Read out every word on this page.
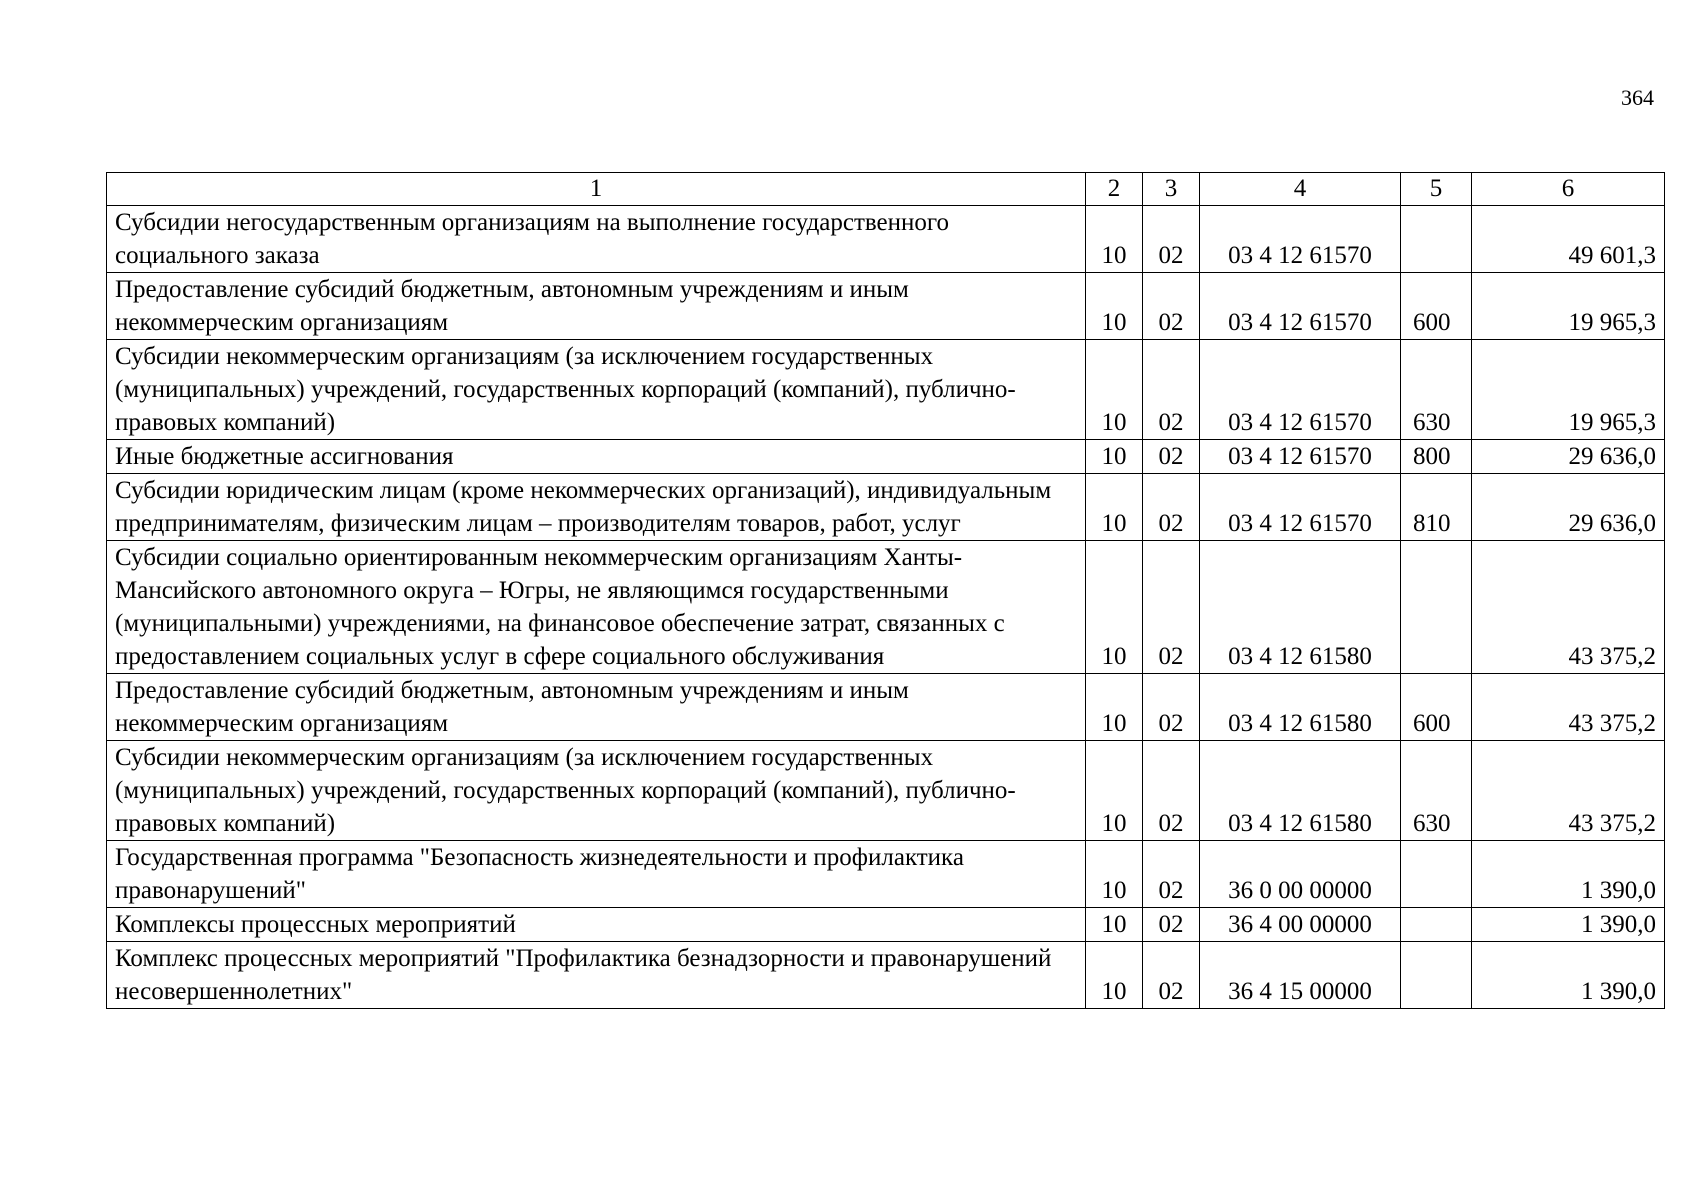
364
1	2	3	4	5	6
Субсидии негосударственным организациям на выполнение государственного социального заказа	10	02	03 4 12 61570		49 601,3
Предоставление субсидий бюджетным, автономным учреждениям и иным некоммерческим организациям	10	02	03 4 12 61570	600	19 965,3
Субсидии некоммерческим организациям (за исключением государственных (муниципальных) учреждений, государственных корпораций (компаний), публично-правовых компаний)	10	02	03 4 12 61570	630	19 965,3
Иные бюджетные ассигнования	10	02	03 4 12 61570	800	29 636,0
Субсидии юридическим лицам (кроме некоммерческих организаций), индивидуальным предпринимателям, физическим лицам – производителям товаров, работ, услуг	10	02	03 4 12 61570	810	29 636,0
Субсидии социально ориентированным некоммерческим организациям Ханты-Мансийского автономного округа – Югры, не являющимся государственными (муниципальными) учреждениями, на финансовое обеспечение затрат, связанных с предоставлением социальных услуг в сфере социального обслуживания	10	02	03 4 12 61580		43 375,2
Предоставление субсидий бюджетным, автономным учреждениям и иным некоммерческим организациям	10	02	03 4 12 61580	600	43 375,2
Субсидии некоммерческим организациям (за исключением государственных (муниципальных) учреждений, государственных корпораций (компаний), публично-правовых компаний)	10	02	03 4 12 61580	630	43 375,2
Государственная программа "Безопасность жизнедеятельности и профилактика правонарушений"	10	02	36 0 00 00000		1 390,0
Комплексы процессных мероприятий	10	02	36 4 00 00000		1 390,0
Комплекс процессных мероприятий "Профилактика безнадзорности и правонарушений несовершеннолетних"	10	02	36 4 15 00000		1 390,0
